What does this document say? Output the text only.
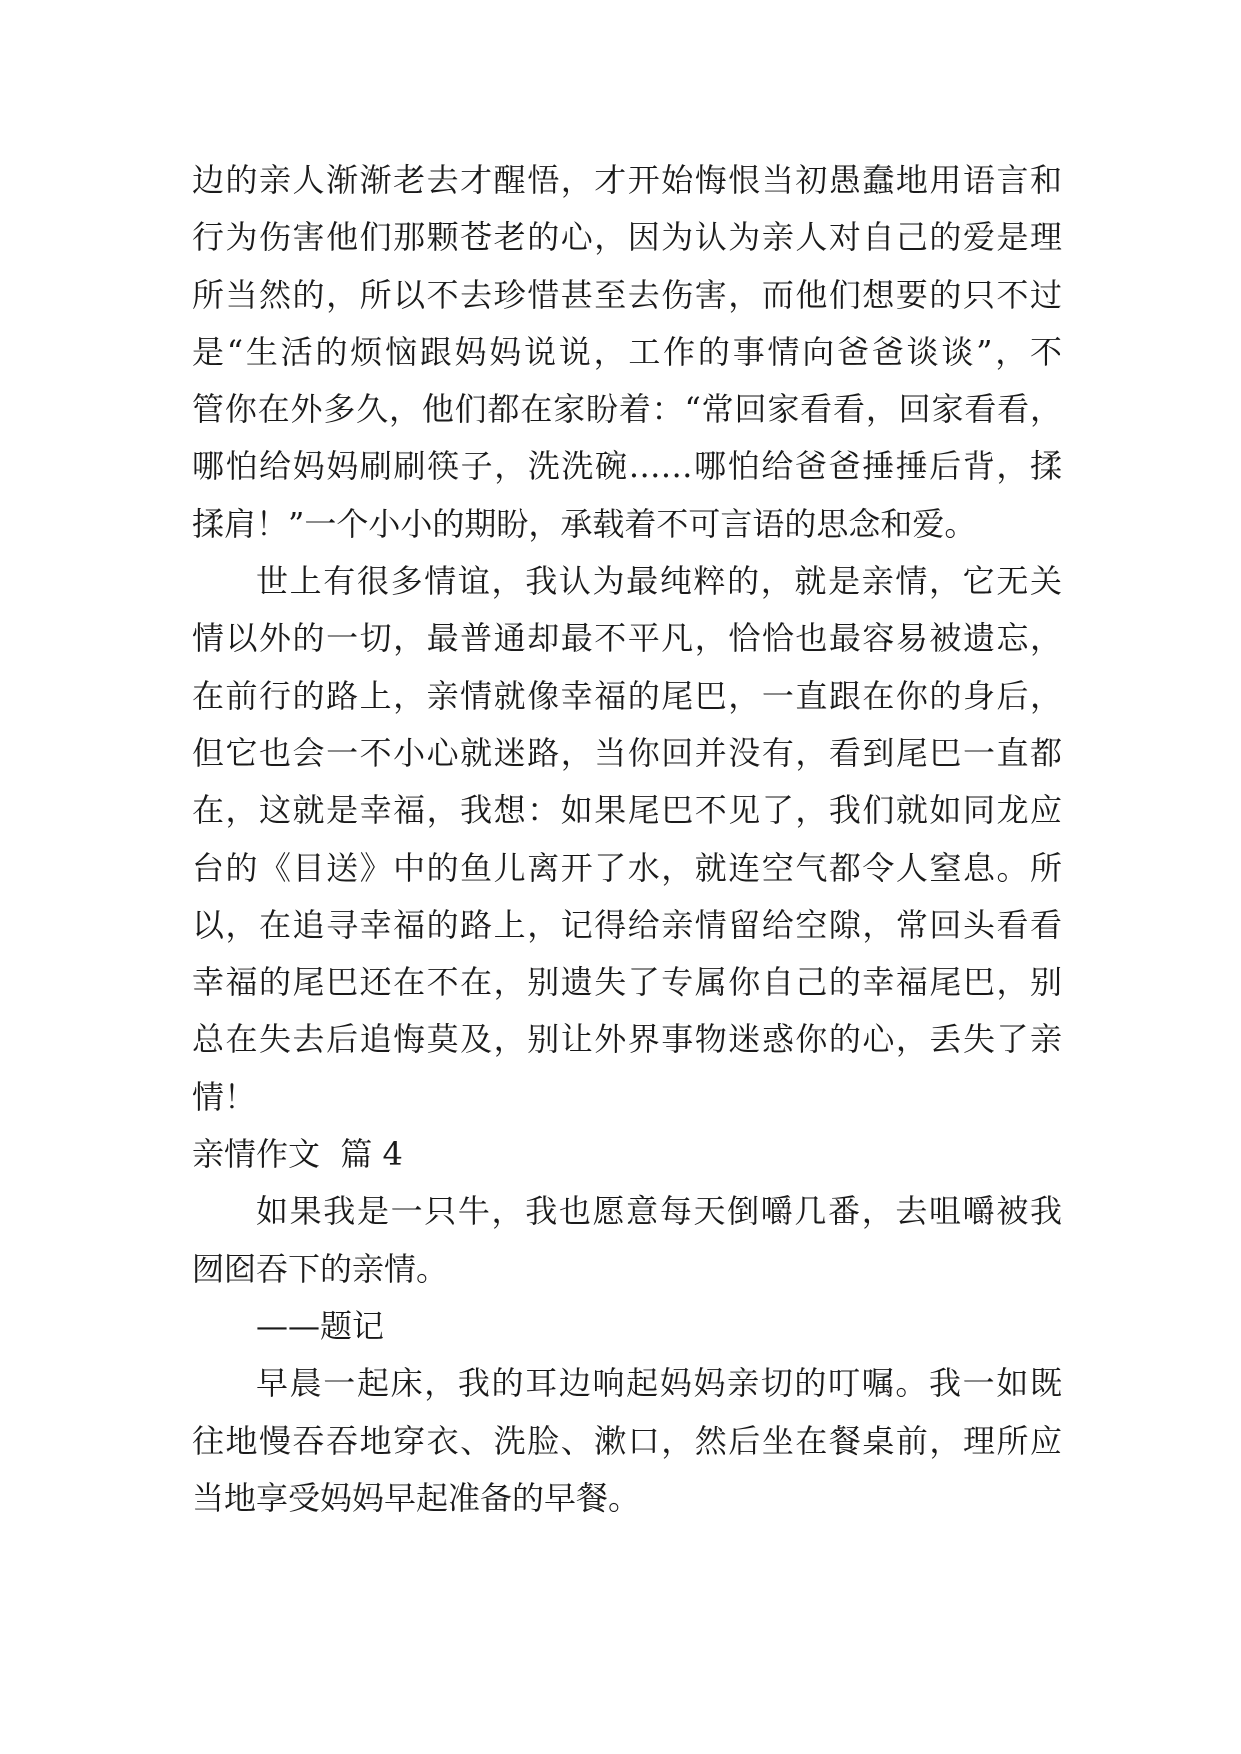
边的亲人渐渐老去才醒悟，才开始悔恨当初愚蠢地用语言和
行为伤害他们那颗苍老的心，因为认为亲人对自己的爱是理
所当然的，所以不去珍惜甚至去伤害，而他们想要的只不过
是“生活的烦恼跟妈妈说说，工作的事情向爸爸谈谈”，不
管你在外多久，他们都在家盼着：“常回家看看，回家看看，
哪怕给妈妈刷刷筷子，洗洗碗……哪怕给爸爸捶捶后背，揉
揉肩！”一个小小的期盼，承载着不可言语的思念和爱。
世上有很多情谊，我认为最纯粹的，就是亲情，它无关
情以外的一切，最普通却最不平凡，恰恰也最容易被遗忘，
在前行的路上，亲情就像幸福的尾巴，一直跟在你的身后，
但它也会一不小心就迷路，当你回并没有，看到尾巴一直都
在，这就是幸福，我想：如果尾巴不见了，我们就如同龙应
台的《目送》中的鱼儿离开了水，就连空气都令人窒息。所
以，在追寻幸福的路上，记得给亲情留给空隙，常回头看看
幸福的尾巴还在不在，别遗失了专属你自己的幸福尾巴，别
总在失去后追悔莫及，别让外界事物迷惑你的心，丢失了亲
情！
亲情作文  篇 4
如果我是一只牛，我也愿意每天倒嚼几番，去咀嚼被我
囫囵吞下的亲情。
——题记
早晨一起床，我的耳边响起妈妈亲切的叮嘱。我一如既
往地慢吞吞地穿衣、洗脸、漱口，然后坐在餐桌前，理所应
当地享受妈妈早起准备的早餐。
